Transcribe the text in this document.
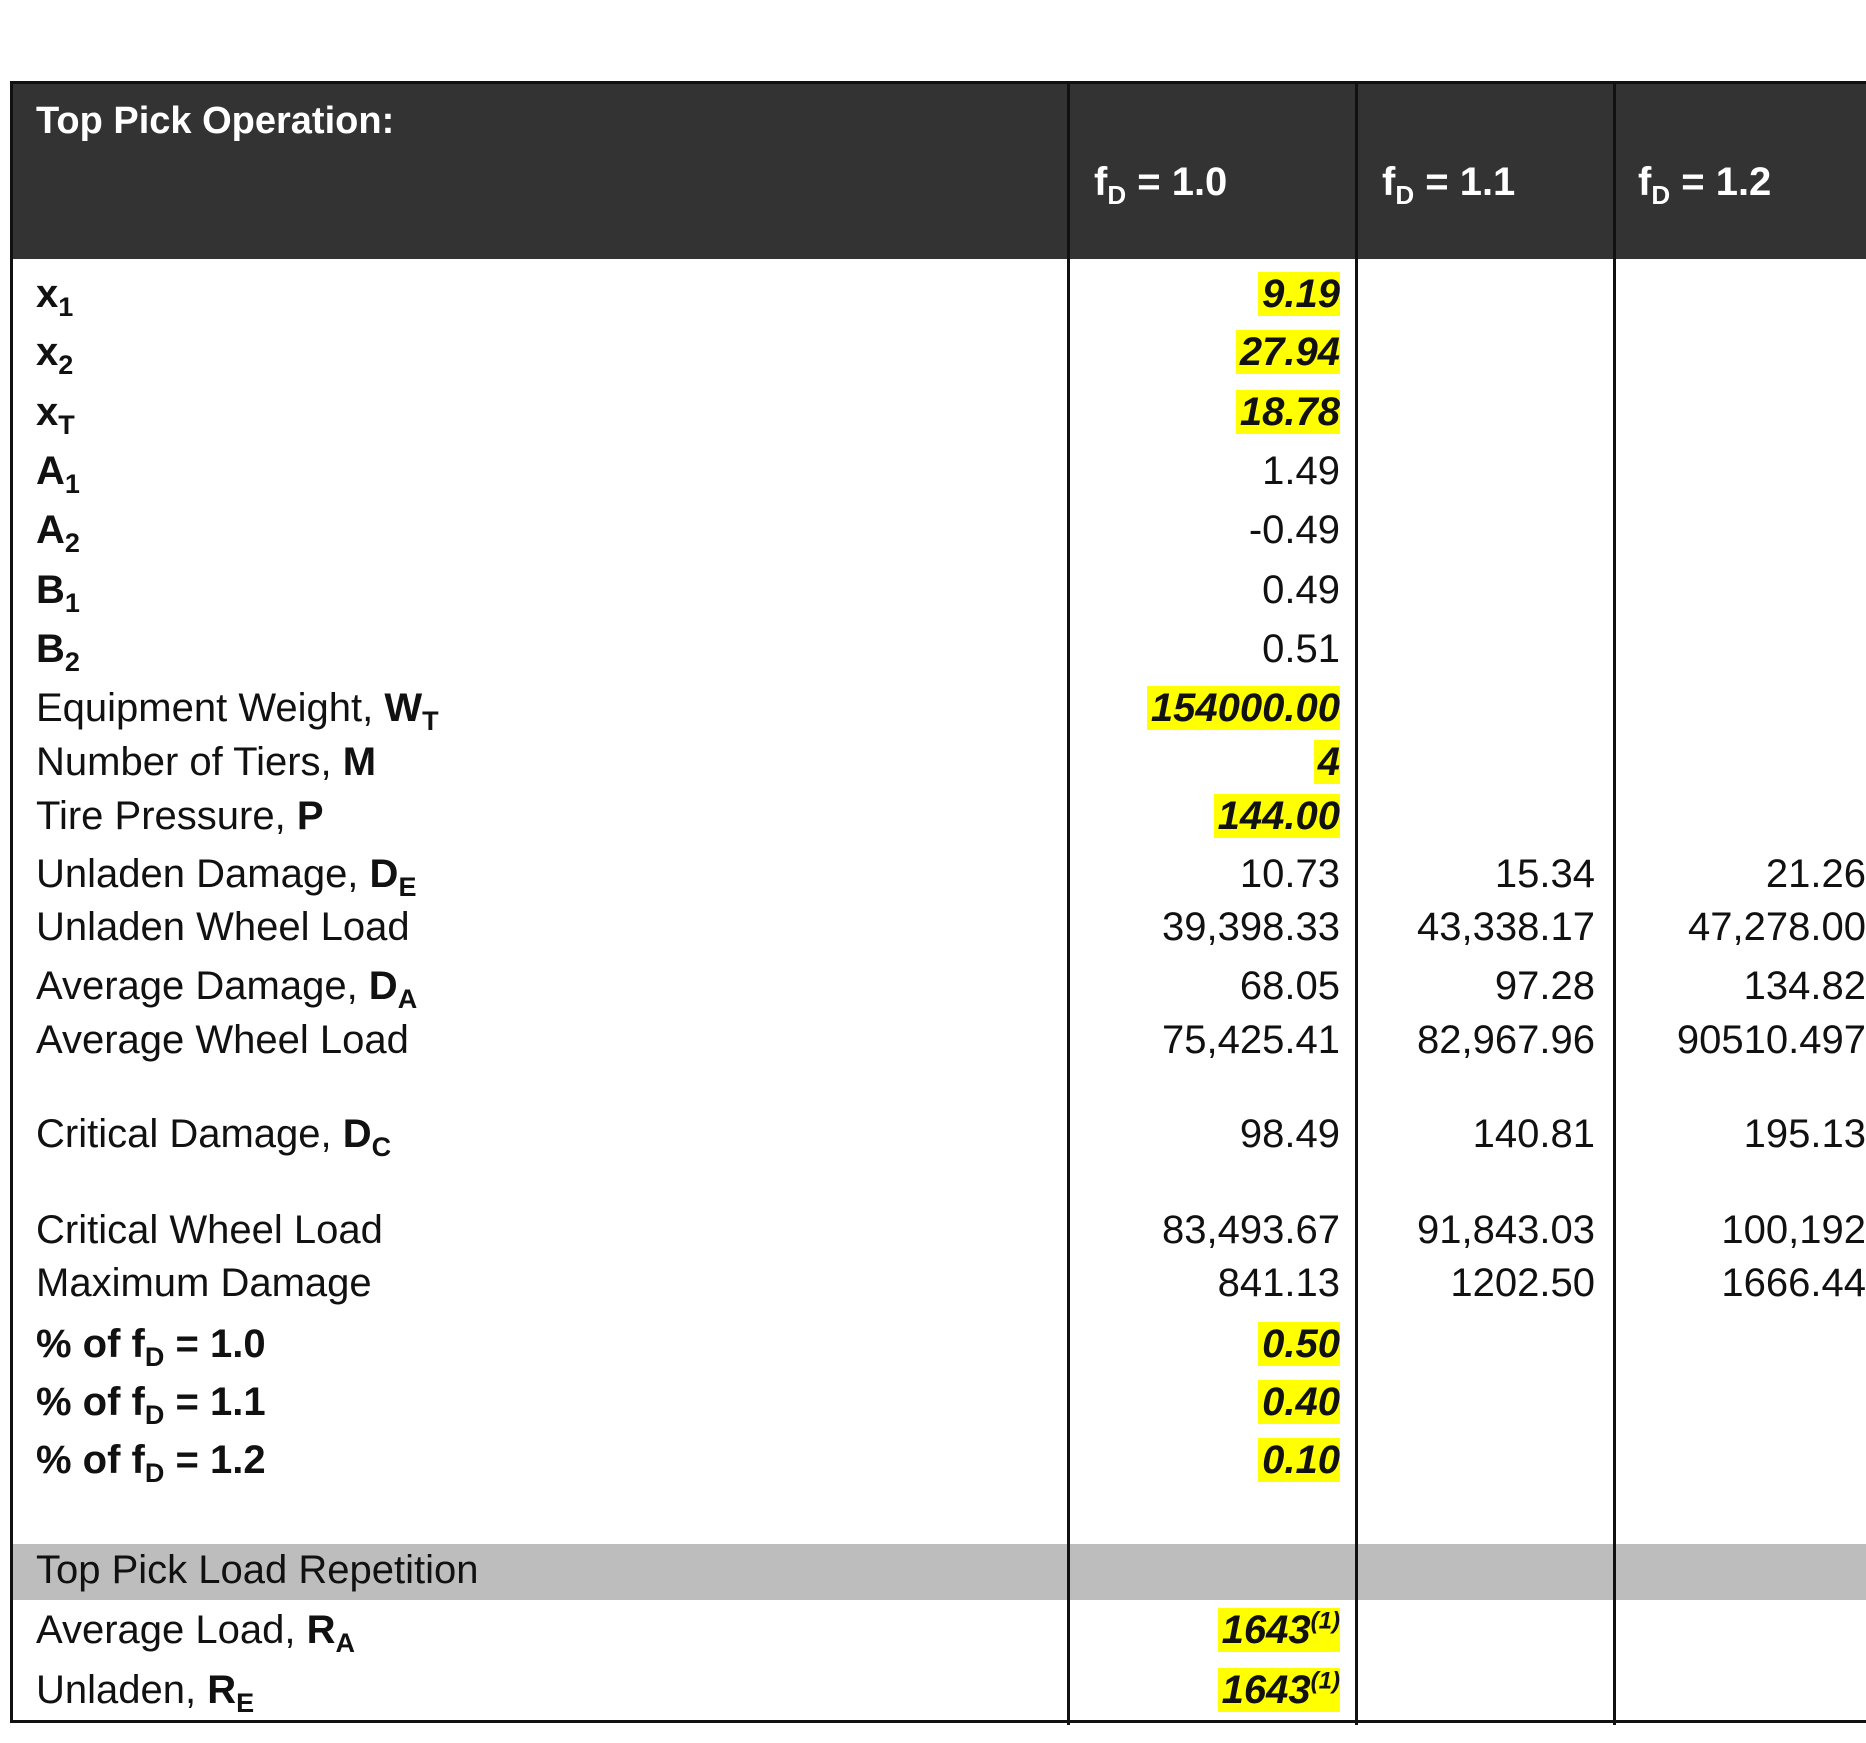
Top Pick Operation:
$f_D = 1.0$	$f_D = 1.1$	$f_D = 1.2$
$x_1$	9.19
$x_2$	27.94
$x_T$	18.78
$A_1$	1.49
$A_2$	-0.49
$B_1$	0.49
$B_2$	0.51
Equipment Weight, $W_T$	154000.00
Number of Tiers, M	4
Tire Pressure, P	144.00
Unladen Damage, $D_E$	10.73	15.34	21.26
Unladen Wheel Load	39,398.33 43,338.17 47,278.00
Average Damage, $D_A$	68.05	97.28	134.82
Average Wheel Load	75,425.41 82,967.96 90510.497
Critical Damage, $D_C$	98.49	140.81	195.13
Critical Wheel Load	83,493.67 91,843.03	100,192
Maximum Damage	841.13	1202.50	1666.44
% of $f_D = 1.0$	0.50
% of $f_D = 1.1$	0.40
% of $f_D = 1.2$	0.10
Top Pick Load Repetition
Average Load, $R_A$	1643$^{(1)}$
Unladen, $R_E$	1643$^{(1)}$
